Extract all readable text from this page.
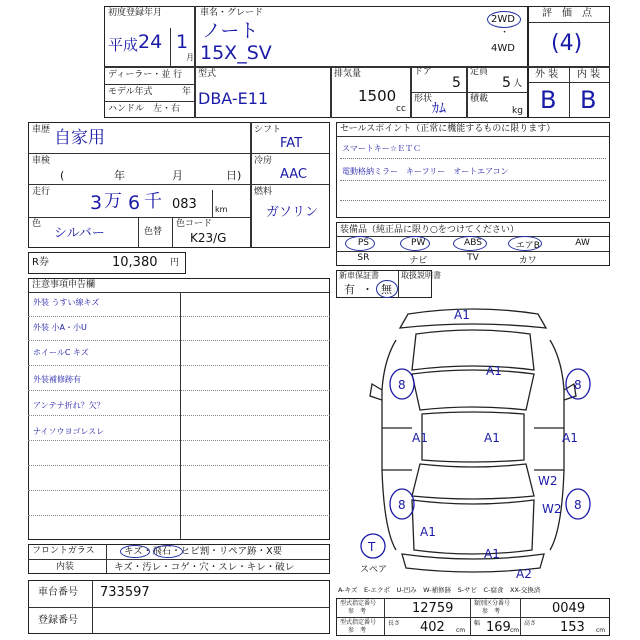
初度登録年月
平成 24 1
月
車名・グレード
ノート
15X_SV
2WD
・
4WD
評　価　点
(4)
外 装 内 装
B B
ディーラー・並 行
モデル年式	年
ハンドル　左・右
型式
DBA-E11
排気量
1500
cc
ドア
5
定員
5 人
形状
ｶﾑ
積載
kg
車歴 自家用
車検
(	年	月	日)
走行 3 万 6 千 083 km
色
シルバー	色替
色コード
K23/G
シフト
FAT
冷房
AAC
燃料
ガソリン
R券	10,380 円
セールスポイント（正常に機能するものに限ります）
スマートキー☆ＥＴＣ
電動格納ミラー　キーフリー　オートエアコン
装備品（純正品に限り○をつけてください）
PS	PW	ABS	エアB	AW
SR	ナビ	TV	カワ
新車保証書	取扱説明書
有 ・ 無
注意事項申告欄
外装 うすい線キズ
外装 小A・小U
ホイールC キズ
外装補修跡有
アンテナ折れ？欠？
ナイソウヨゴレスレ
フロントガラス
内装
キズ・飛石・ヒビ割・リペア跡・X要
キズ・汚レ・コゲ・穴・スレ・キレ・破レ
車台番号 733597
登録番号
A-キズ　E-エクボ　U-凹み　W-補修跡　S-サビ　C-腐食　XX-交換済
型式指定番号
参　考	12759	類別区分番号
参　考	0049
型式指定番号
参　考
長さ 402 cm
幅 169 cm
高さ 153 cm
8	8
8	8
T
A1
A1
A1
A1	A1
W2
W2
A1
A1
A2
スペア
